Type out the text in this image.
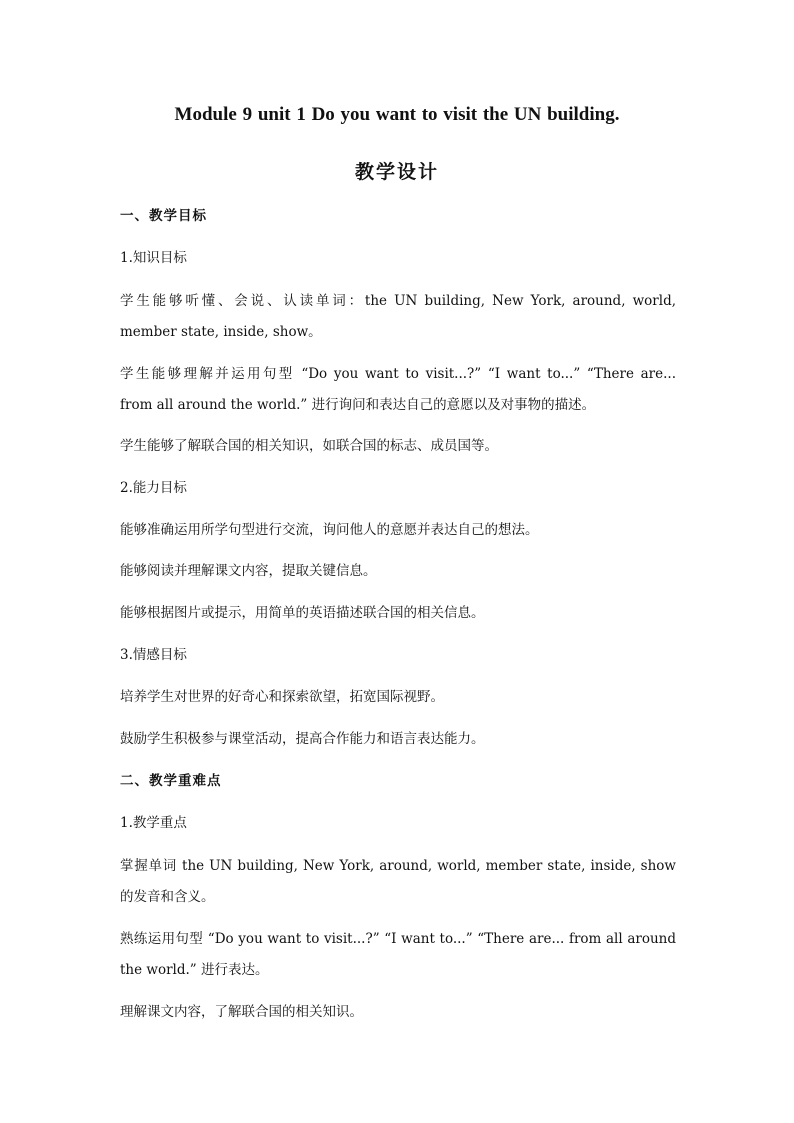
Module 9 unit 1 Do you want to visit the UN building.
教学设计
一、教学目标
1.知识目标
学生能够听懂、会说、认读单词：the UN building, New York, around, world,
member state, inside, show。
学生能够理解并运用句型 “Do you want to visit...?” “I want to...” “There are...
from all around the world.” 进行询问和表达自己的意愿以及对事物的描述。
学生能够了解联合国的相关知识，如联合国的标志、成员国等。
2.能力目标
能够准确运用所学句型进行交流，询问他人的意愿并表达自己的想法。
能够阅读并理解课文内容，提取关键信息。
能够根据图片或提示，用简单的英语描述联合国的相关信息。
3.情感目标
培养学生对世界的好奇心和探索欲望，拓宽国际视野。
鼓励学生积极参与课堂活动，提高合作能力和语言表达能力。
二、教学重难点
1.教学重点
掌握单词 the UN building, New York, around, world, member state, inside, show
的发音和含义。
熟练运用句型 “Do you want to visit...?” “I want to...” “There are... from all around
the world.” 进行表达。
理解课文内容，了解联合国的相关知识。
